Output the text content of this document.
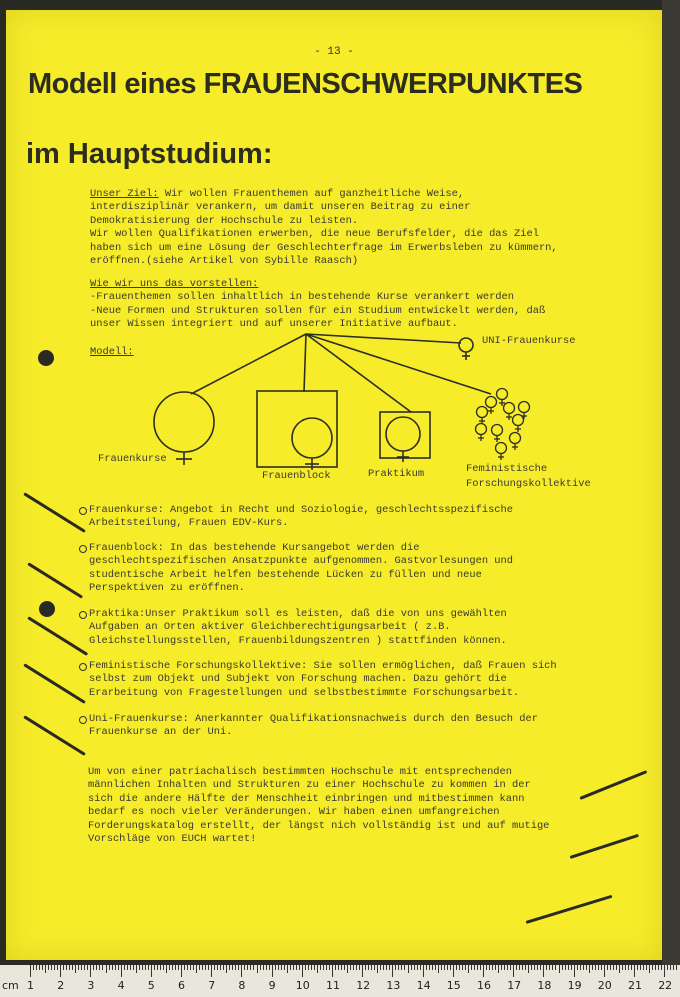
- 13 -
Modell eines FRAUENSCHWERPUNKTES
im Hauptstudium:
Unser Ziel: Wir wollen Frauenthemen auf ganzheitliche Weise,
interdisziplinär verankern, um damit unseren Beitrag zu einer
Demokratisierung der Hochschule zu leisten.
Wir wollen Qualifikationen erwerben, die neue Berufsfelder, die das Ziel
haben sich um eine Lösung der Geschlechterfrage im Erwerbsleben zu kümmern,
eröffnen.(siehe Artikel von Sybille Raasch)
Wie wir uns das vorstellen:
-Frauenthemen sollen inhaltlich in bestehende Kurse verankert werden
-Neue Formen und Strukturen sollen für ein Studium entwickelt werden, daß
unser Wissen integriert und auf unserer Initiative aufbaut.
Modell:
UNI-Frauenkurse
Frauenkurse
Frauenblock	Praktikum	Feministische
Forschungskollektive
Frauenkurse: Angebot in Recht und Soziologie, geschlechtsspezifische
Arbeitsteilung, Frauen EDV-Kurs.
Frauenblock: In das bestehende Kursangebot werden die
geschlechtspezifischen Ansatzpunkte aufgenommen. Gastvorlesungen und
studentische Arbeit helfen bestehende Lücken zu füllen und neue
Perspektiven zu eröffnen.
Praktika:Unser Praktikum soll es leisten, daß die von uns gewählten
Aufgaben an Orten aktiver Gleichberechtigungsarbeit ( z.B.
Gleichstellungsstellen, Frauenbildungszentren ) stattfinden können.
Feministische Forschungskollektive: Sie sollen ermöglichen, daß Frauen sich
selbst zum Objekt und Subjekt von Forschung machen. Dazu gehört die
Erarbeitung von Fragestellungen und selbstbestimmte Forschungsarbeit.
Uni-Frauenkurse: Anerkannter Qualifikationsnachweis durch den Besuch der
Frauenkurse an der Uni.
Um von einer patriachalisch bestimmten Hochschule mit entsprechenden
männlichen Inhalten und Strukturen zu einer Hochschule zu kommen in der
sich die andere Hälfte der Menschheit einbringen und mitbestimmen kann
bedarf es noch vieler Veränderungen. Wir haben einen umfangreichen
Forderungskatalog erstellt, der längst nich vollständig ist und auf mutige
Vorschläge von EUCH wartet!
cm 1 2 3 4 5 6 7 8 9 10 11 12 13 14 15 16 17 18 19 20 21 22
